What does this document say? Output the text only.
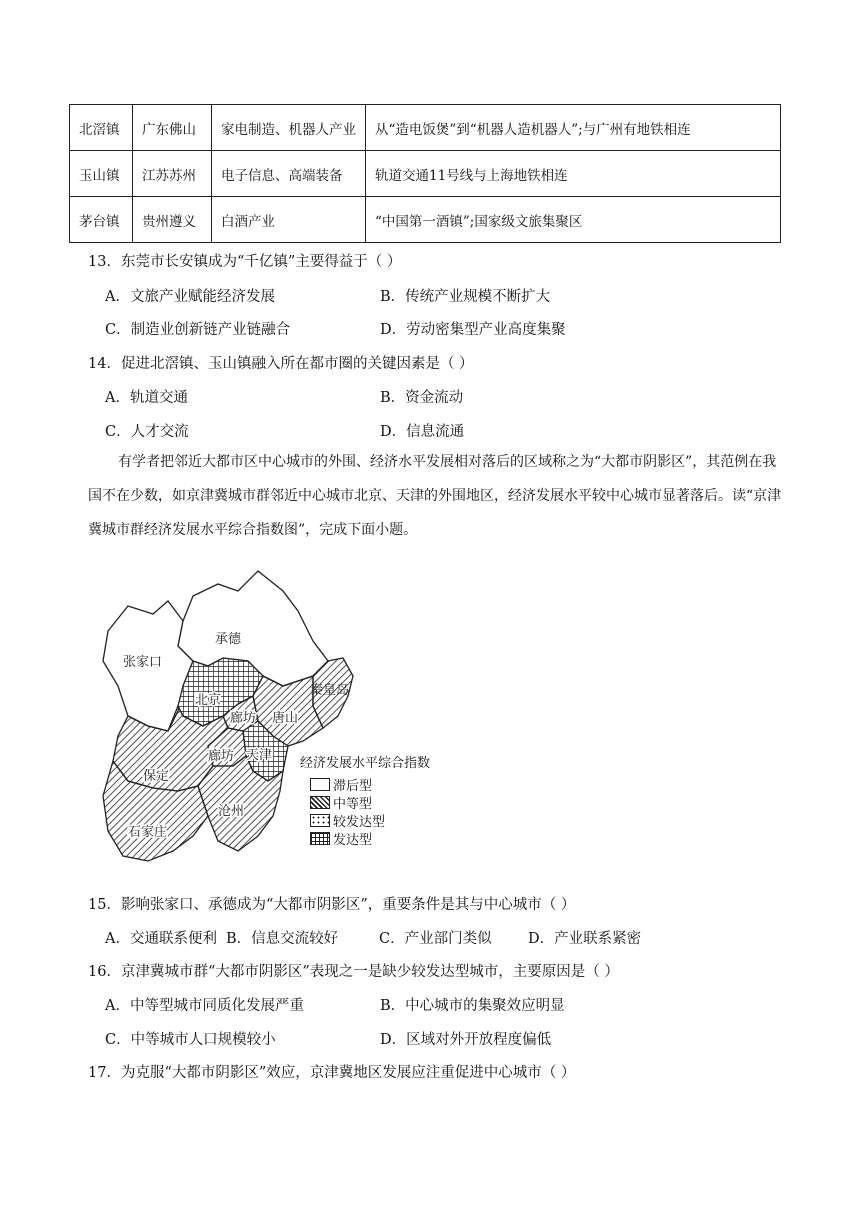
北滘镇	广东佛山	家电制造、机器人产业	从“造电饭煲”到“机器人造机器人”;与广州有地铁相连
玉山镇	江苏苏州	电子信息、高端装备	轨道交通11号线与上海地铁相连
茅台镇	贵州遵义	白酒产业	“中国第一酒镇”;国家级文旅集聚区
13．东莞市长安镇成为“千亿镇”主要得益于（ ）
A．文旅产业赋能经济发展	B．传统产业规模不断扩大
C．制造业创新链产业链融合	D．劳动密集型产业高度集聚
14．促进北滘镇、玉山镇融入所在都市圈的关键因素是（ ）
A．轨道交通	B．资金流动
C．人才交流	D．信息流通
有学者把邻近大都市区中心城市的外围、经济水平发展相对落后的区域称之为“大都市阴影区”，其范例在我国不在少数，如京津冀城市群邻近中心城市北京、天津的外围地区，经济发展水平较中心城市显著落后。读“京津冀城市群经济发展水平综合指数图”，完成下面小题。
承德
张家口
秦皇岛
北京
廊坊 唐山
廊坊 天津
保定
沧州
石家庄
经济发展水平综合指数
滞后型
中等型
较发达型
发达型
15．影响张家口、承德成为“大都市阴影区”，重要条件是其与中心城市（ ）
A．交通联系便利 B．信息交流较好	C．产业部门类似	D．产业联系紧密
16．京津冀城市群“大都市阴影区”表现之一是缺少较发达型城市，主要原因是（ ）
A．中等型城市同质化发展严重	B．中心城市的集聚效应明显
C．中等城市人口规模较小	D．区域对外开放程度偏低
17．为克服“大都市阴影区”效应，京津冀地区发展应注重促进中心城市（ ）
